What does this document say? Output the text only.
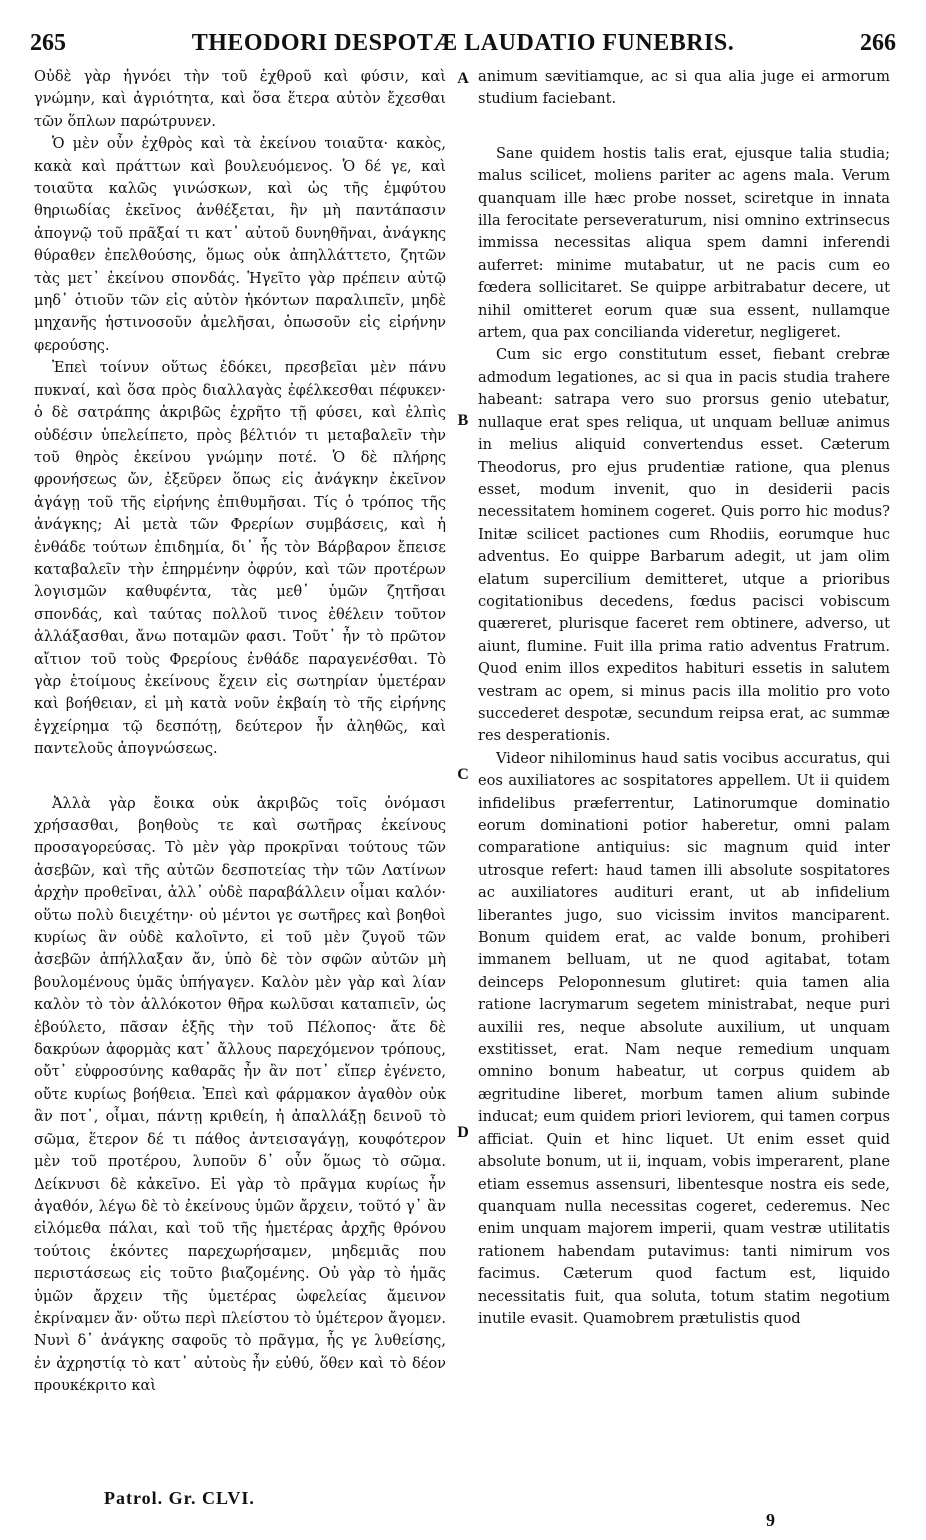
265	THEODORI DESPOTÆ LAUDATIO FUNEBRIS.	266

Οὐδὲ γὰρ ἠγνόει τὴν τοῦ ἐχθροῦ καὶ φύσιν, καὶ γνώμην, καὶ ἀγριότητα, καὶ ὅσα ἕτερα αὐτὸν ἔχεσθαι τῶν ὅπλων παρώτρυνεν.

Ὁ μὲν οὖν ἐχθρὸς καὶ τὰ ἐκείνου τοιαῦτα· κακὸς, κακὰ καὶ πράττων καὶ βουλευόμενος. Ὁ δέ γε, καὶ τοιαῦτα καλῶς γινώσκων, καὶ ὡς τῆς ἐμφύτου θηριωδίας ἐκεῖνος ἀνθέξεται, ἣν μὴ παντάπασιν ἀπογνῷ τοῦ πρᾶξαί τι κατ᾽ αὐτοῦ δυνηθῆναι, ἀνάγκης θύραθεν ἐπελθούσης, ὅμως οὐκ ἀπηλλάττετο, ζητῶν τὰς μετ᾽ ἐκείνου σπονδάς. Ἡγεῖτο γὰρ πρέπειν αὐτῷ μηδ᾽ ὁτιοῦν τῶν εἰς αὐτὸν ἡκόντων παραλιπεῖν, μηδὲ μηχανῆς ἡστινοσοῦν ἀμελῆσαι, ὁπωσοῦν εἰς εἰρήνην φερούσης.

Ἐπεὶ τοίνυν οὕτως ἐδόκει, πρεσβεῖαι μὲν πάνυ πυκναί, καὶ ὅσα πρὸς διαλλαγὰς ἐφέλκεσθαι πέφυκεν· ὁ δὲ σατράπης ἀκριβῶς ἐχρῆτο τῇ φύσει, καὶ ἐλπὶς οὐδέσιν ὑπελείπετο, πρὸς βέλτιόν τι μεταβαλεῖν τὴν τοῦ θηρὸς ἐκείνου γνώμην ποτέ. Ὁ δὲ πλήρης φρονήσεως ὤν, ἐξεῦρεν ὅπως εἰς ἀνάγκην ἐκεῖνον ἀγάγῃ τοῦ τῆς εἰρήνης ἐπιθυμῆσαι. Τίς ὁ τρόπος τῆς ἀνάγκης; Αἱ μετὰ τῶν Φρερίων συμβάσεις, καὶ ἡ ἐνθάδε τούτων ἐπιδημία, δι᾽ ἧς τὸν Βάρβαρον ἔπεισε καταβαλεῖν τὴν ἐπηρμένην ὀφρύν, καὶ τῶν προτέρων λογισμῶν καθυφέντα, τὰς μεθ᾽ ὑμῶν ζητῆσαι σπονδάς, καὶ ταύτας πολλοῦ τινος ἐθέλειν τοῦτον ἀλλάξασθαι, ἄνω ποταμῶν φασι. Τοῦτ᾽ ἦν τὸ πρῶτον αἴτιον τοῦ τοὺς Φρερίους ἐνθάδε παραγενέσθαι. Τὸ γὰρ ἑτοίμους ἐκείνους ἔχειν εἰς σωτηρίαν ὑμετέραν καὶ βοήθειαν, εἰ μὴ κατὰ νοῦν ἐκβαίη τὸ τῆς εἰρήνης ἐγχείρημα τῷ δεσπότῃ, δεύτερον ἦν ἀληθῶς, καὶ παντελοῦς ἀπογνώσεως.

Ἀλλὰ γὰρ ἔοικα οὐκ ἀκριβῶς τοῖς ὀνόμασι χρήσασθαι, βοηθοὺς τε καὶ σωτῆρας ἐκείνους προσαγορεύσας. Τὸ μὲν γὰρ προκρῖναι τούτους τῶν ἀσεβῶν, καὶ τῆς αὐτῶν δεσποτείας τὴν τῶν Λατίνων ἀρχὴν προθεῖναι, ἀλλ᾽ οὐδὲ παραβάλλειν οἶμαι καλόν· οὕτω πολὺ διειχέτην· οὐ μέντοι γε σωτῆρες καὶ βοηθοὶ κυρίως ἂν οὐδὲ καλοῖντο, εἰ τοῦ μὲν ζυγοῦ τῶν ἀσεβῶν ἀπήλλαξαν ἄν, ὑπὸ δὲ τὸν σφῶν αὐτῶν μὴ βουλομένους ὑμᾶς ὑπήγαγεν. Καλὸν μὲν γὰρ καὶ λίαν καλὸν τὸ τὸν ἀλλόκοτον θῆρα κωλῦσαι καταπιεῖν, ὡς ἐβούλετο, πᾶσαν ἑξῆς τὴν τοῦ Πέλοπος· ἄτε δὲ δακρύων ἀφορμὰς κατ᾽ ἄλλους παρεχόμενον τρόπους, οὔτ᾽ εὐφροσύνης καθαρᾶς ἦν ἂν ποτ᾽ εἴπερ ἐγένετο, οὔτε κυρίως βοήθεια. Ἐπεὶ καὶ φάρμακον ἀγαθὸν οὐκ ἂν ποτ᾽, οἶμαι, πάντῃ κριθείη, ἠ ἀπαλλάξῃ δεινοῦ τὸ σῶμα, ἕτερον δέ τι πάθος ἀντεισαγάγῃ, κουφότερον μὲν τοῦ προτέρου, λυποῦν δ᾽ οὖν ὅμως τὸ σῶμα. Δείκνυσι δὲ κἀκεῖνο. Εἰ γὰρ τὸ πρᾶγμα κυρίως ἦν ἀγαθόν, λέγω δὲ τὸ ἐκείνους ὑμῶν ἄρχειν, τοῦτό γ᾽ ἂν εἱλόμεθα πάλαι, καὶ τοῦ τῆς ἡμετέρας ἀρχῆς θρόνου τούτοις ἑκόντες παρεχωρήσαμεν, μηδεμιᾶς που περιστάσεως εἰς τοῦτο βιαζομένης. Οὐ γὰρ τὸ ἡμᾶς ὑμῶν ἄρχειν τῆς ὑμετέρας ὠφελείας ἄμεινον ἐκρίναμεν ἄν· οὕτω περὶ πλείστου τὸ ὑμέτερον ἄγομεν. Νυνὶ δ᾽ ἀνάγκης σαφοῦς τὸ πρᾶγμα, ἧς γε λυθείσης, ἐν ἀχρηστίᾳ τὸ κατ᾽ αὐτοὺς ἦν εὐθύ, ὅθεν καὶ τὸ δέον προυκέκριτο καὶ

A
B
C
D

animum sævitiamque, ac si qua alia juge ei armorum studium faciebant.

Sane quidem hostis talis erat, ejusque talia studia; malus scilicet, moliens pariter ac agens mala. Verum quanquam ille hæc probe nosset, sciretque in innata illa ferocitate perseveraturum, nisi omnino extrinsecus immissa necessitas aliqua spem damni inferendi auferret: minime mutabatur, ut ne pacis cum eo fœdera sollicitaret. Se quippe arbitrabatur decere, ut nihil omitteret eorum quæ sua essent, nullamque artem, qua pax concilianda videretur, negligeret.

Cum sic ergo constitutum esset, fiebant crebræ admodum legationes, ac si qua in pacis studia trahere habeant: satrapa vero suo prorsus genio utebatur, nullaque erat spes reliqua, ut unquam belluæ animus in melius aliquid convertendus esset. Cæterum Theodorus, pro ejus prudentiæ ratione, qua plenus esset, modum invenit, quo in desiderii pacis necessitatem hominem cogeret. Quis porro hic modus? Initæ scilicet pactiones cum Rhodiis, eorumque huc adventus. Eo quippe Barbarum adegit, ut jam olim elatum supercilium demitteret, utque a prioribus cogitationibus decedens, fœdus pacisci vobiscum quæreret, plurisque faceret rem obtinere, adverso, ut aiunt, flumine. Fuit illa prima ratio adventus Fratrum. Quod enim illos expeditos habituri essetis in salutem vestram ac opem, si minus pacis illa molitio pro voto succederet despotæ, secundum reipsa erat, ac summæ res desperationis.

Videor nihilominus haud satis vocibus accuratus, qui eos auxiliatores ac sospitatores appellem. Ut ii quidem infidelibus præferrentur, Latinorumque dominatio eorum dominationi potior haberetur, omni palam comparatione antiquius: sic magnum quid inter utrosque refert: haud tamen illi absolute sospitatores ac auxiliatores audituri erant, ut ab infidelium liberantes jugo, suo vicissim invitos manciparent. Bonum quidem erat, ac valde bonum, prohiberi immanem belluam, ut ne quod agitabat, totam deinceps Peloponnesum glutiret: quia tamen alia ratione lacrymarum segetem ministrabat, neque puri auxilii res, neque absolute auxilium, ut unquam exstitisset, erat. Nam neque remedium unquam omnino bonum habeatur, ut corpus quidem ab ægritudine liberet, morbum tamen alium subinde inducat; eum quidem priori leviorem, qui tamen corpus afficiat. Quin et hinc liquet. Ut enim esset quid absolute bonum, ut ii, inquam, vobis imperarent, plane etiam essemus assensuri, libentesque nostra eis sede, quanquam nulla necessitas cogeret, cederemus. Nec enim unquam majorem imperii, quam vestræ utilitatis rationem habendam putavimus: tanti nimirum vos facimus. Cæterum quod factum est, liquido necessitatis fuit, qua soluta, totum statim negotium inutile evasit. Quamobrem prætulistis quod

Patrol. Gr. CLVI.
9
